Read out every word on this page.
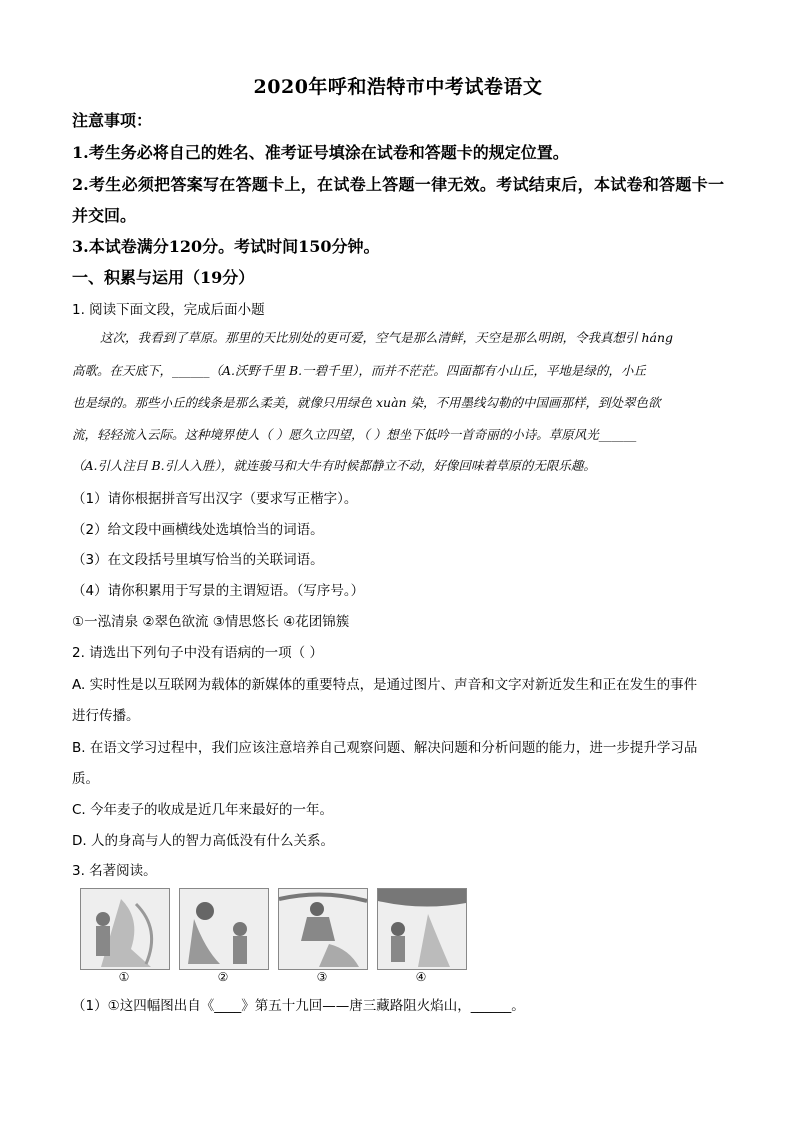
2020年呼和浩特市中考试卷语文
注意事项：
1.考生务必将自己的姓名、准考证号填涂在试卷和答题卡的规定位置。
2.考生必须把答案写在答题卡上，在试卷上答题一律无效。考试结束后，本试卷和答题卡一
并交回。
3.本试卷满分120分。考试时间150分钟。
一、积累与运用（19分）
1. 阅读下面文段，完成后面小题
这次，我看到了草原。那里的天比别处的更可爱，空气是那么清鲜，天空是那么明朗，令我真想引 háng
高歌。在天底下，______（A.沃野千里 B.一碧千里），而并不茫茫。四面都有小山丘，平地是绿的，小丘
也是绿的。那些小丘的线条是那么柔美，就像只用绿色 xuàn 染，不用墨线勾勒的中国画那样，到处翠色欲
流，轻轻流入云际。这种境界使人（ ）愿久立四望，（ ）想坐下低吟一首奇丽的小诗。草原风光______
（A.引人注目 B.引人入胜），就连骏马和大牛有时候都静立不动，好像回味着草原的无限乐趣。
（1）请你根据拼音写出汉字（要求写正楷字）。
（2）给文段中画横线处选填恰当的词语。
（3）在文段括号里填写恰当的关联词语。
（4）请你积累用于写景的主谓短语。（写序号。）
①一泓清泉 ②翠色欲流 ③情思悠长 ④花团锦簇
2. 请选出下列句子中没有语病的一项（ ）
A. 实时性是以互联网为载体的新媒体的重要特点，是通过图片、声音和文字对新近发生和正在发生的事件
进行传播。
B. 在语文学习过程中，我们应该注意培养自己观察问题、解决问题和分析问题的能力，进一步提升学习品
质。
C. 今年麦子的收成是近几年来最好的一年。
D. 人的身高与人的智力高低没有什么关系。
3. 名著阅读。
①	②	③	④
（1）①这四幅图出自《____》第五十九回——唐三藏路阻火焰山，______。
